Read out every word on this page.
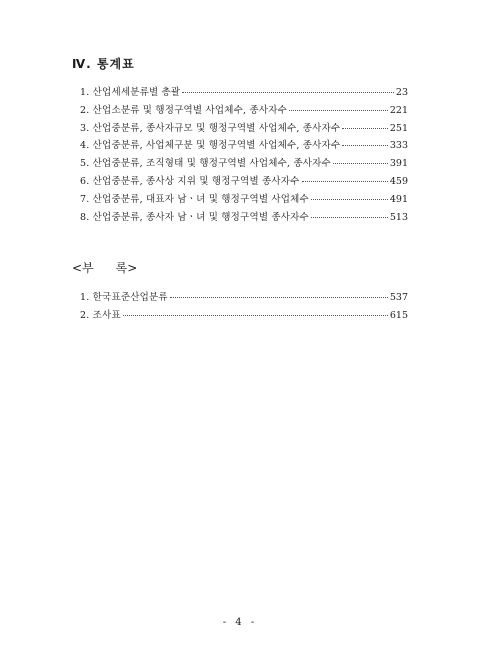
Ⅳ. 통계표
1. 산업세세분류별 총괄	23
2. 산업소분류 및 행정구역별 사업체수, 종사자수	221
3. 산업중분류, 종사자규모 및 행정구역별 사업체수, 종사자수	251
4. 산업중분류, 사업체구분 및 행정구역별 사업체수, 종사자수	333
5. 산업중분류, 조직형태 및 행정구역별 사업체수, 종사자수	391
6. 산업중분류, 종사상 지위 및 행정구역별 종사자수	459
7. 산업중분류, 대표자 남ㆍ녀 및 행정구역별 사업체수	491
8. 산업중분류, 종사자 남ㆍ녀 및 행정구역별 종사자수	513
<부 록>
1. 한국표준산업분류	537
2. 조사표	615
- 4 -
